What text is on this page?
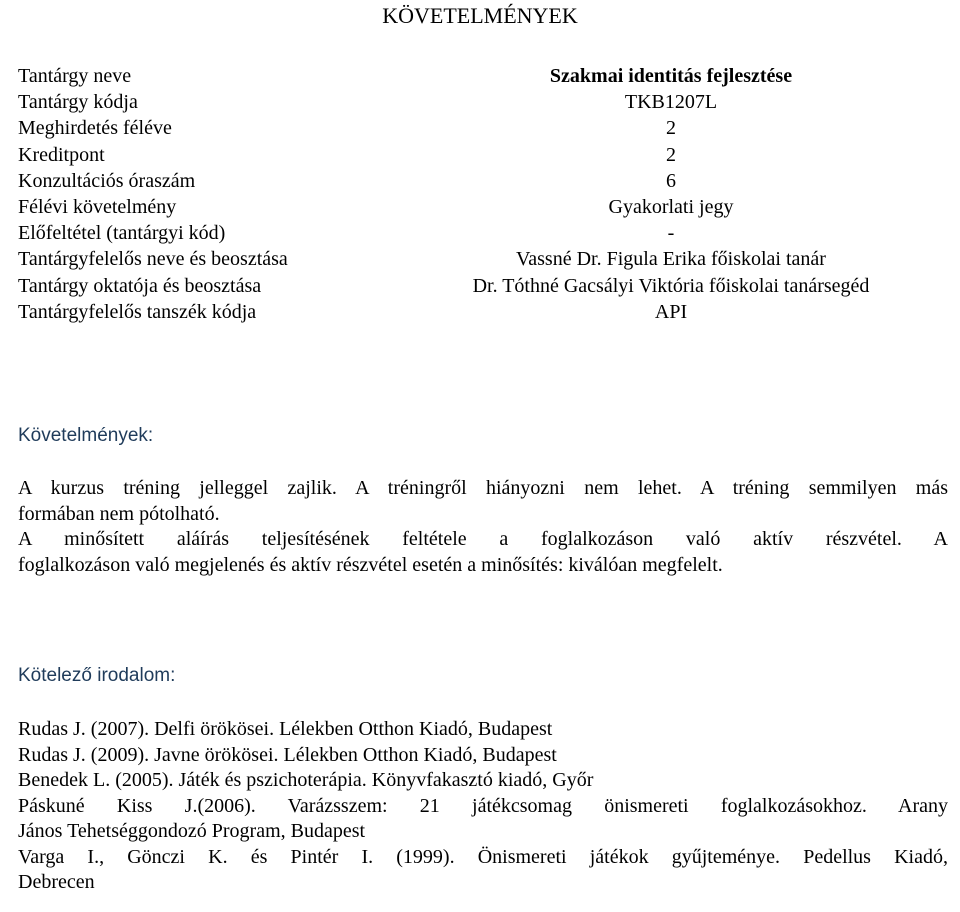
KÖVETELMÉNYEK
Tantárgy neve	Szakmai identitás fejlesztése
Tantárgy kódja	TKB1207L
Meghirdetés féléve	2
Kreditpont	2
Konzultációs óraszám	6
Félévi követelmény	Gyakorlati jegy
Előfeltétel (tantárgyi kód)	-
Tantárgyfelelős neve és beosztása	Vassné Dr. Figula Erika főiskolai tanár
Tantárgy oktatója és beosztása	Dr. Tóthné Gacsályi Viktória főiskolai tanársegéd
Tantárgyfelelős tanszék kódja	API
Követelmények:

A kurzus tréning jelleggel zajlik. A tréningről hiányozni nem lehet. A tréning semmilyen más

formában nem pótolható.

A minősített aláírás teljesítésének feltétele a foglalkozáson való aktív részvétel. A

foglalkozáson való megjelenés és aktív részvétel esetén a minősítés: kiválóan megfelelt.

Kötelező irodalom:
Rudas J. (2007). Delfi örökösei. Lélekben Otthon Kiadó, Budapest
Rudas J. (2009). Javne örökösei. Lélekben Otthon Kiadó, Budapest
Benedek L. (2005). Játék és pszichoterápia. Könyvfakasztó kiadó, Győr
Páskuné Kiss J.(2006). Varázsszem: 21 játékcsomag önismereti foglalkozásokhoz. Arany
János Tehetséggondozó Program, Budapest
Varga I., Gönczi K. és Pintér I. (1999). Önismereti játékok gyűjteménye. Pedellus Kiadó,
Debrecen
